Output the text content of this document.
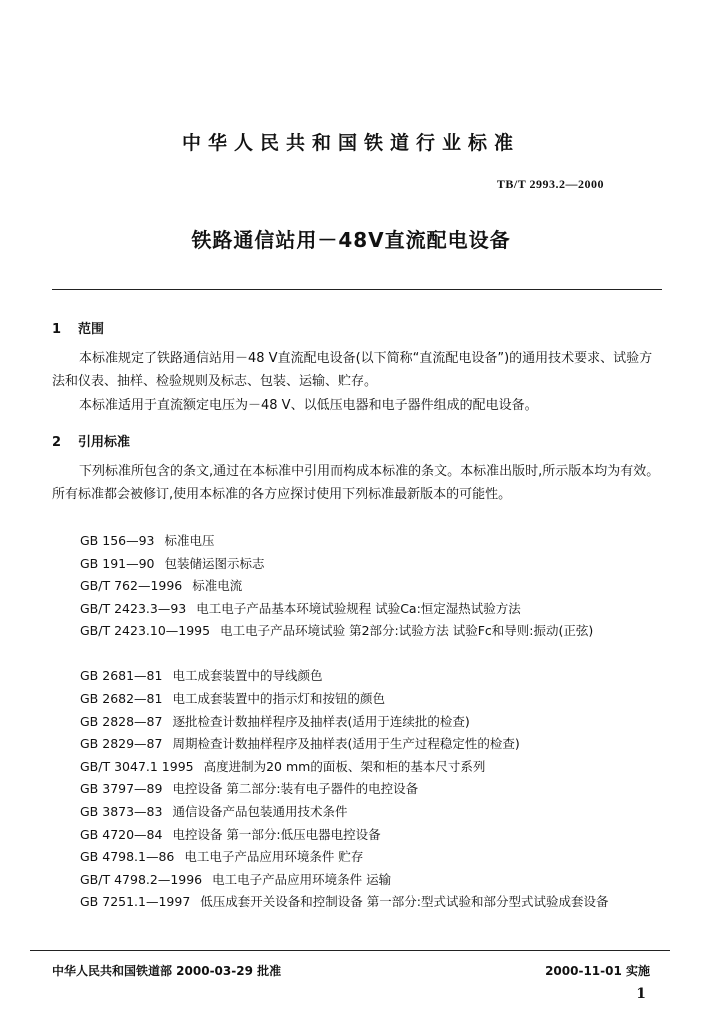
中华人民共和国铁道行业标准
TB/T 2993.2—2000
铁路通信站用－48V直流配电设备
1 范围
本标准规定了铁路通信站用－48 V直流配电设备(以下简称“直流配电设备”)的通用技术要求、试验方法和仪表、抽样、检验规则及标志、包装、运输、贮存。
本标准适用于直流额定电压为－48 V、以低压电器和电子器件组成的配电设备。
2 引用标准
下列标准所包含的条文,通过在本标准中引用而构成本标准的条文。本标准出版时,所示版本均为有效。所有标准都会被修订,使用本标准的各方应探讨使用下列标准最新版本的可能性。
GB 156—93 标准电压
GB 191—90 包装储运图示标志
GB/T 762—1996 标准电流
GB/T 2423.3—93 电工电子产品基本环境试验规程 试验Ca:恒定湿热试验方法
GB/T 2423.10—1995 电工电子产品环境试验 第2部分:试验方法 试验Fc和导则:振动(正弦)
GB 2681—81 电工成套装置中的导线颜色
GB 2682—81 电工成套装置中的指示灯和按钮的颜色
GB 2828—87 逐批检查计数抽样程序及抽样表(适用于连续批的检查)
GB 2829—87 周期检查计数抽样程序及抽样表(适用于生产过程稳定性的检查)
GB/T 3047.1 1995 高度进制为20 mm的面板、架和柜的基本尺寸系列
GB 3797—89 电控设备 第二部分:装有电子器件的电控设备
GB 3873—83 通信设备产品包装通用技术条件
GB 4720—84 电控设备 第一部分:低压电器电控设备
GB 4798.1—86 电工电子产品应用环境条件 贮存
GB/T 4798.2—1996 电工电子产品应用环境条件 运输
GB 7251.1—1997 低压成套开关设备和控制设备 第一部分:型式试验和部分型式试验成套设备
中华人民共和国铁道部 2000-03-29 批准	2000-11-01 实施
1
